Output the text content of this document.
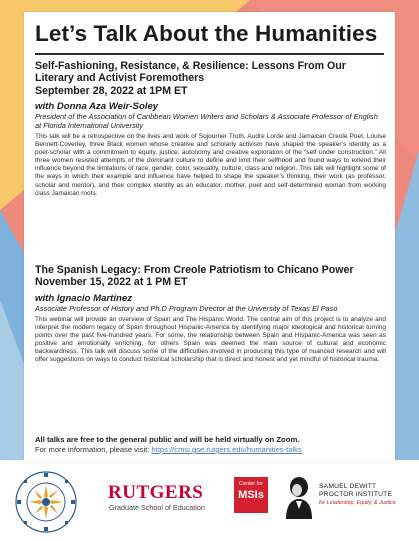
Let’s Talk About the Humanities
Self-Fashioning, Resistance, & Resilience: Lessons From Our Literary and Activist Foremothers
September 28, 2022 at 1PM ET
with Donna Aza Weir-Soley
President of the Association of Caribbean Women Writers and Scholars & Associate Professor of English at Florida International University
This talk will be a retrospective on the lives and work of Sojourner Truth, Audre Lorde and Jamaican Creole Poet, Louise Bennett-Coverley, three Black women whose creative and scholarly activism have shaped the speaker’s identity as a poet-scholar with a commitment to equity, justice, autonomy and creative exploration of the “self under construction.” All three women resisted attempts of the dominant culture to define and limit their selfhood and found ways to extend their influence beyond the limitations of race, gender, color, sexuality, culture, class and religion. This talk will highlight some of the ways in which their example and influence have helped to shape the speaker’s thinking, their work (as professor, scholar and mentor), and their complex identity as an educator, mother, poet and self-determined woman from working class Jamaican roots.
The Spanish Legacy: From Creole Patriotism to Chicano Power
November 15, 2022 at 1 PM ET
with Ignacio Martínez
Associate Professor of History and Ph.D Program Director at the University of Texas El Paso
This webinar will provide an overview of Spain and The Hispanic World. The central aim of this project is to analyze and interpret the modern legacy of Spain throughout Hispanic-America by identifying major ideological and historical turning points over the past five-hundred years. For some, the relationship between Spain and Hispanic-America was seen as positive and emotionally enriching, for others Spain was deemed the main source of cultural and economic backwardness. This talk will discuss some of the difficulties involved in producing this type of nuanced research and will offer suggestions on ways to conduct historical scholarship that is direct and honest and yet mindful of historical trauma.
All talks are free to the general public and will be held virtually on Zoom.
For more information, please visit: https://cmsi.gse.rutgers.edu/humanities-talks
RUTGERS
Graduate School of Education
Center for
MSIs
SAMUEL DEWITT
PROCTOR INSTITUTE
for Leadership, Equity, & Justice
